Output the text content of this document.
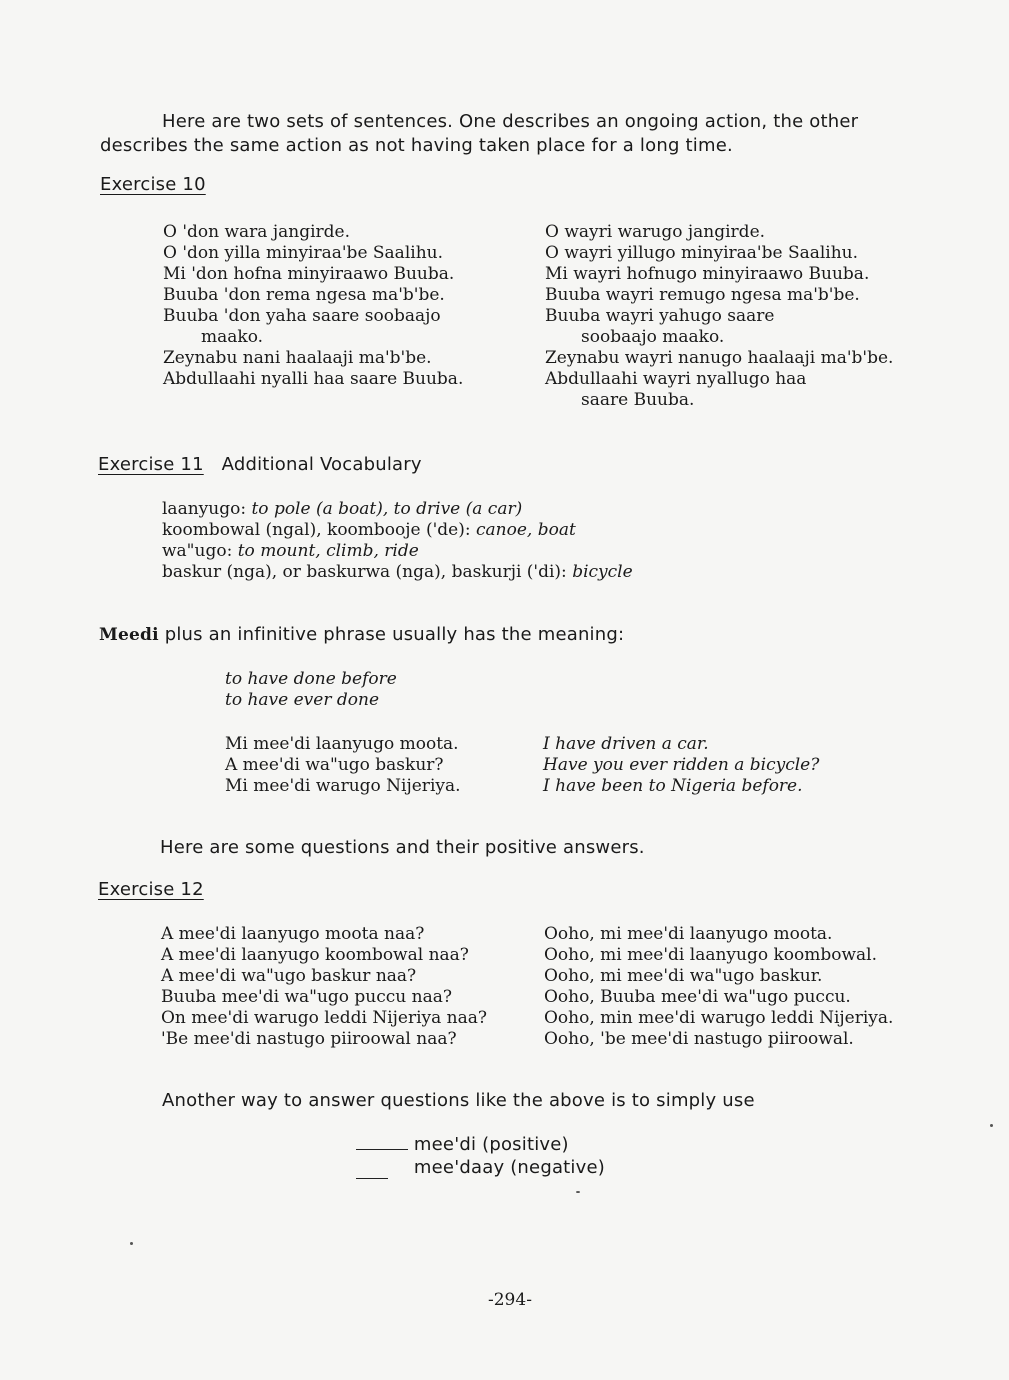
Here are two sets of sentences. One describes an ongoing action, the other
describes the same action as not having taken place for a long time.
Exercise 10
O 'don wara jangirde.
O 'don yilla minyiraa'be Saalihu.
Mi 'don hofna minyiraawo Buuba.
Buuba 'don rema ngesa ma'b'be.
Buuba 'don yaha saare soobaajo
maako.
Zeynabu nani haalaaji ma'b'be.
Abdullaahi nyalli haa saare Buuba.
O wayri warugo jangirde.
O wayri yillugo minyiraa'be Saalihu.
Mi wayri hofnugo minyiraawo Buuba.
Buuba wayri remugo ngesa ma'b'be.
Buuba wayri yahugo saare
soobaajo maako.
Zeynabu wayri nanugo haalaaji ma'b'be.
Abdullaahi wayri nyallugo haa
saare Buuba.
Exercise 11 Additional Vocabulary
laanyugo: to pole (a boat), to drive (a car)
koombowal (ngal), koombooje ('de): canoe, boat
wa"ugo: to mount, climb, ride
baskur (nga), or baskurwa (nga), baskurji ('di): bicycle
Meedi plus an infinitive phrase usually has the meaning:
to have done before
to have ever done
Mi mee'di laanyugo moota.
A mee'di wa"ugo baskur?
Mi mee'di warugo Nijeriya.
I have driven a car.
Have you ever ridden a bicycle?
I have been to Nigeria before.
Here are some questions and their positive answers.
Exercise 12
A mee'di laanyugo moota naa?
A mee'di laanyugo koombowal naa?
A mee'di wa"ugo baskur naa?
Buuba mee'di wa"ugo puccu naa?
On mee'di warugo leddi Nijeriya naa?
'Be mee'di nastugo piiroowal naa?
Ooho, mi mee'di laanyugo moota.
Ooho, mi mee'di laanyugo koombowal.
Ooho, mi mee'di wa"ugo baskur.
Ooho, Buuba mee'di wa"ugo puccu.
Ooho, min mee'di warugo leddi Nijeriya.
Ooho, 'be mee'di nastugo piiroowal.
Another way to answer questions like the above is to simply use
mee'di (positive)
mee'daay (negative)
-294-
